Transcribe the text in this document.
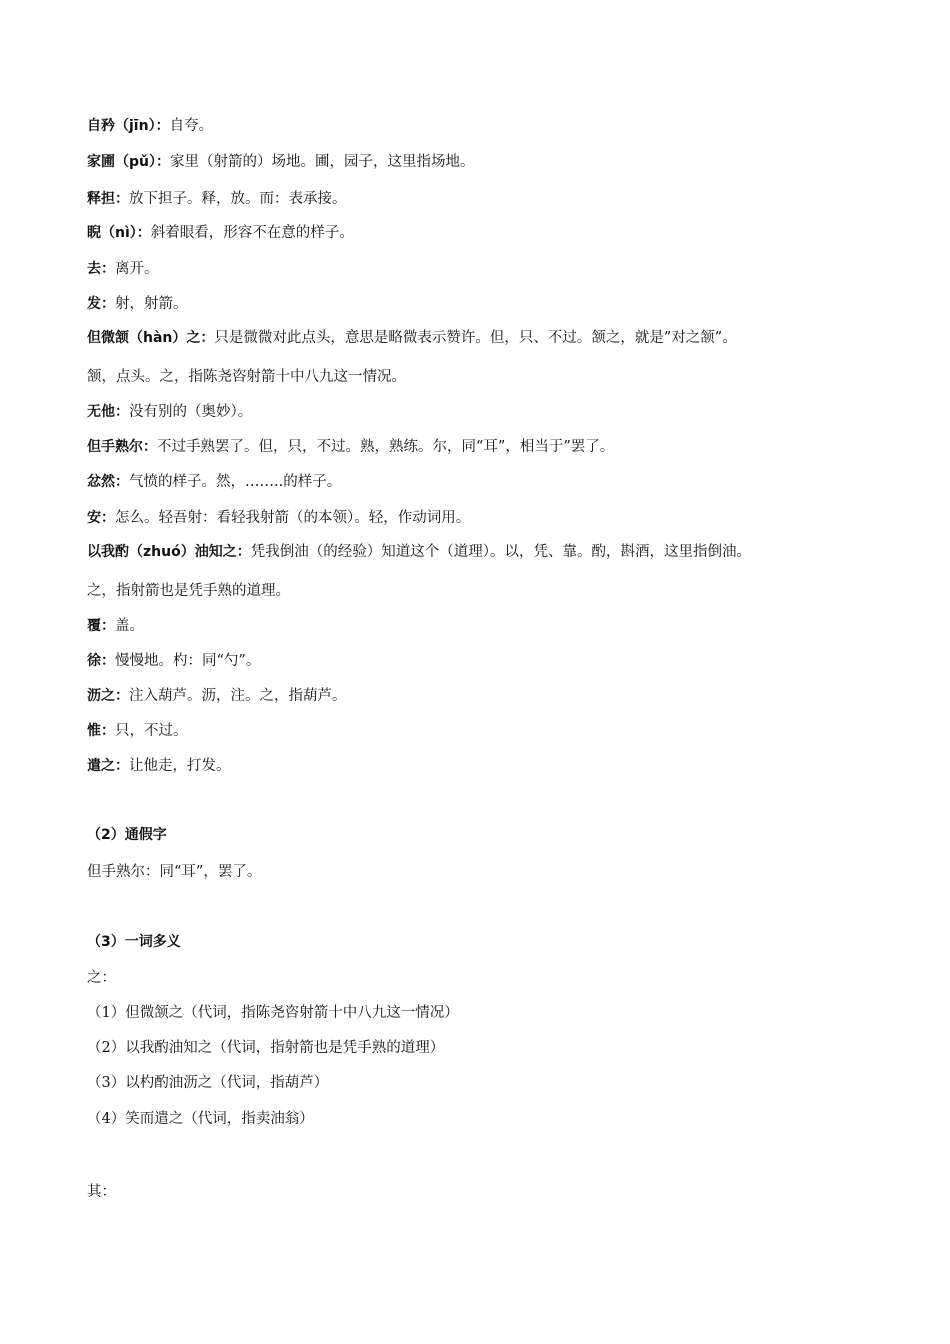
自矜（jīn）：自夸。
家圃（pǔ）：家里（射箭的）场地。圃，园子，这里指场地。
释担：放下担子。释，放。而：表承接。
睨（nì）：斜着眼看，形容不在意的样子。
去：离开。
发：射，射箭。
但微颔（hàn）之：只是微微对此点头，意思是略微表示赞许。但，只、不过。颔之，就是”对之颔”。
颔，点头。之，指陈尧咨射箭十中八九这一情况。
无他：没有别的（奥妙）。
但手熟尔：不过手熟罢了。但，只，不过。熟，熟练。尔，同“耳”，相当于”罢了。
忿然：气愤的样子。然，……..的样子。
安：怎么。轻吾射：看轻我射箭（的本领）。轻，作动词用。
以我酌（zhuó）油知之：凭我倒油（的经验）知道这个（道理）。以，凭、靠。酌，斟酒，这里指倒油。
之，指射箭也是凭手熟的道理。
覆：盖。
徐：慢慢地。杓：同“勺”。
沥之：注入葫芦。沥，注。之，指葫芦。
惟：只，不过。
遣之：让他走，打发。
（2）通假字
但手熟尔：同“耳”，罢了。
（3）一词多义
之：
（1）但微颔之（代词，指陈尧咨射箭十中八九这一情况）
（2）以我酌油知之（代词，指射箭也是凭手熟的道理）
（3）以杓酌油沥之（代词，指葫芦）
（4）笑而遣之（代词，指卖油翁）
其：
